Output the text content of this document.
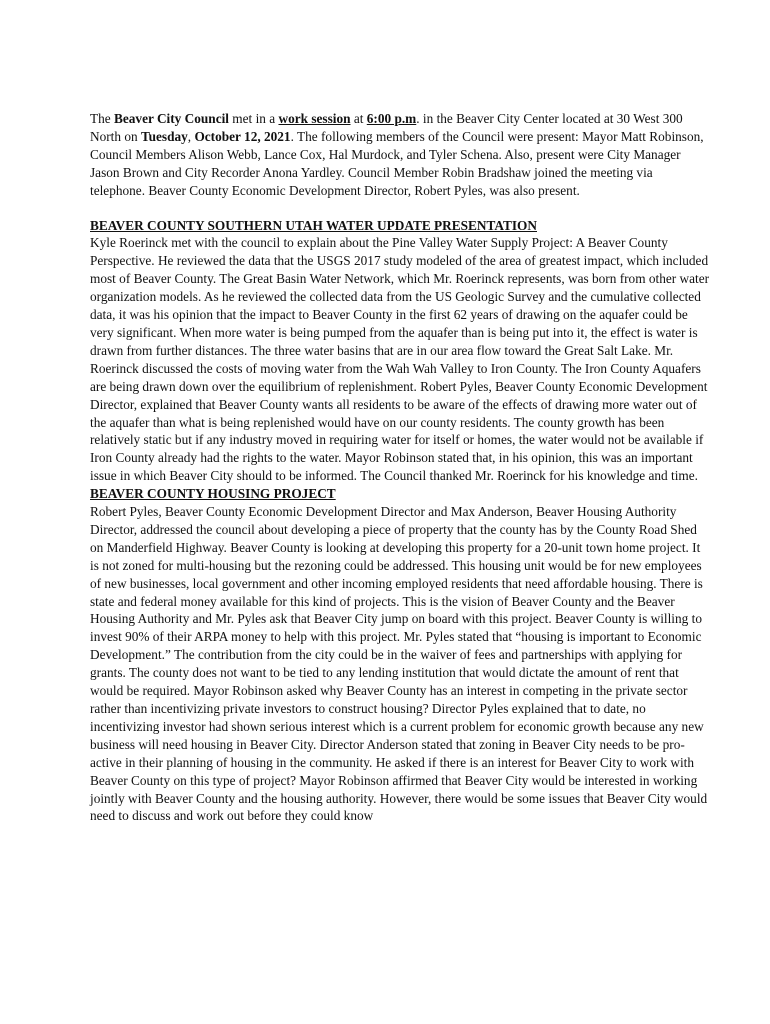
The Beaver City Council met in a work session at 6:00 p.m. in the Beaver City Center located at 30 West 300 North on Tuesday, October 12, 2021. The following members of the Council were present: Mayor Matt Robinson, Council Members Alison Webb, Lance Cox, Hal Murdock, and Tyler Schena. Also, present were City Manager Jason Brown and City Recorder Anona Yardley. Council Member Robin Bradshaw joined the meeting via telephone. Beaver County Economic Development Director, Robert Pyles, was also present.

BEAVER COUNTY SOUTHERN UTAH WATER UPDATE PRESENTATION

Kyle Roerinck met with the council to explain about the Pine Valley Water Supply Project: A Beaver County Perspective. He reviewed the data that the USGS 2017 study modeled of the area of greatest impact, which included most of Beaver County. The Great Basin Water Network, which Mr. Roerinck represents, was born from other water organization models. As he reviewed the collected data from the US Geologic Survey and the cumulative collected data, it was his opinion that the impact to Beaver County in the first 62 years of drawing on the aquafer could be very significant. When more water is being pumped from the aquafer than is being put into it, the effect is water is drawn from further distances. The three water basins that are in our area flow toward the Great Salt Lake. Mr. Roerinck discussed the costs of moving water from the Wah Wah Valley to Iron County. The Iron County Aquafers are being drawn down over the equilibrium of replenishment. Robert Pyles, Beaver County Economic Development Director, explained that Beaver County wants all residents to be aware of the effects of drawing more water out of the aquafer than what is being replenished would have on our county residents. The county growth has been relatively static but if any industry moved in requiring water for itself or homes, the water would not be available if Iron County already had the rights to the water. Mayor Robinson stated that, in his opinion, this was an important issue in which Beaver City should to be informed. The Council thanked Mr. Roerinck for his knowledge and time.

BEAVER COUNTY HOUSING PROJECT

Robert Pyles, Beaver County Economic Development Director and Max Anderson, Beaver Housing Authority Director, addressed the council about developing a piece of property that the county has by the County Road Shed on Manderfield Highway. Beaver County is looking at developing this property for a 20-unit town home project. It is not zoned for multi-housing but the rezoning could be addressed. This housing unit would be for new employees of new businesses, local government and other incoming employed residents that need affordable housing. There is state and federal money available for this kind of projects. This is the vision of Beaver County and the Beaver Housing Authority and Mr. Pyles ask that Beaver City jump on board with this project. Beaver County is willing to invest 90% of their ARPA money to help with this project. Mr. Pyles stated that “housing is important to Economic Development.” The contribution from the city could be in the waiver of fees and partnerships with applying for grants. The county does not want to be tied to any lending institution that would dictate the amount of rent that would be required. Mayor Robinson asked why Beaver County has an interest in competing in the private sector rather than incentivizing private investors to construct housing? Director Pyles explained that to date, no incentivizing investor had shown serious interest which is a current problem for economic growth because any new business will need housing in Beaver City. Director Anderson stated that zoning in Beaver City needs to be pro-active in their planning of housing in the community. He asked if there is an interest for Beaver City to work with Beaver County on this type of project? Mayor Robinson affirmed that Beaver City would be interested in working jointly with Beaver County and the housing authority. However, there would be some issues that Beaver City would need to discuss and work out before they could know
